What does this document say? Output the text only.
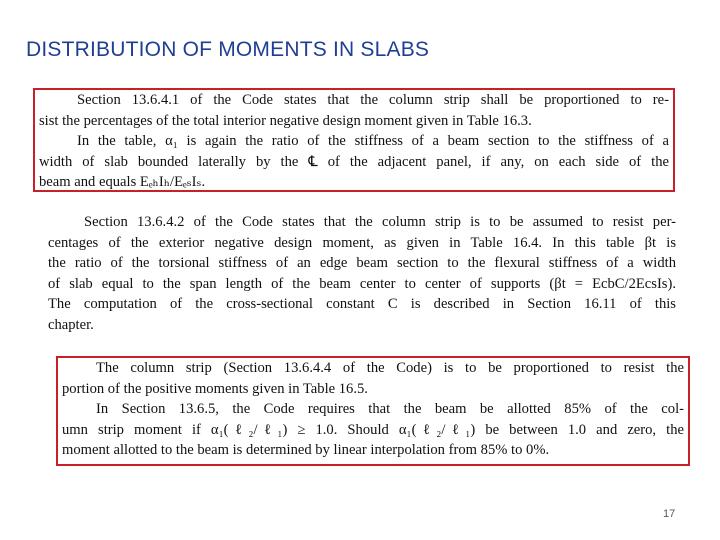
DISTRIBUTION OF MOMENTS IN SLABS
Section 13.6.4.1 of the Code states that the column strip shall be proportioned to re-
sist the percentages of the total interior negative design moment given in Table 16.3.
In the table, α₁ is again the ratio of the stiffness of a beam section to the stiffness of a
width of slab bounded laterally by the ℄ of the adjacent panel, if any, on each side of the
beam and equals EₑₕIₕ/EₑₛIₛ.
Section 13.6.4.2 of the Code states that the column strip is to be assumed to resist per-
centages of the exterior negative design moment, as given in Table 16.4. In this table βt is
the ratio of the torsional stiffness of an edge beam section to the flexural stiffness of a width
of slab equal to the span length of the beam center to center of supports (βt = EcbC/2EcsIs).
The computation of the cross-sectional constant C is described in Section 16.11 of this
chapter.
The column strip (Section 13.6.4.4 of the Code) is to be proportioned to resist the
portion of the positive moments given in Table 16.5.
In Section 13.6.5, the Code requires that the beam be allotted 85% of the col-
umn strip moment if α₁(ℓ₂/ℓ₁) ≥ 1.0. Should α₁(ℓ₂/ℓ₁) be between 1.0 and zero, the
moment allotted to the beam is determined by linear interpolation from 85% to 0%.
17
